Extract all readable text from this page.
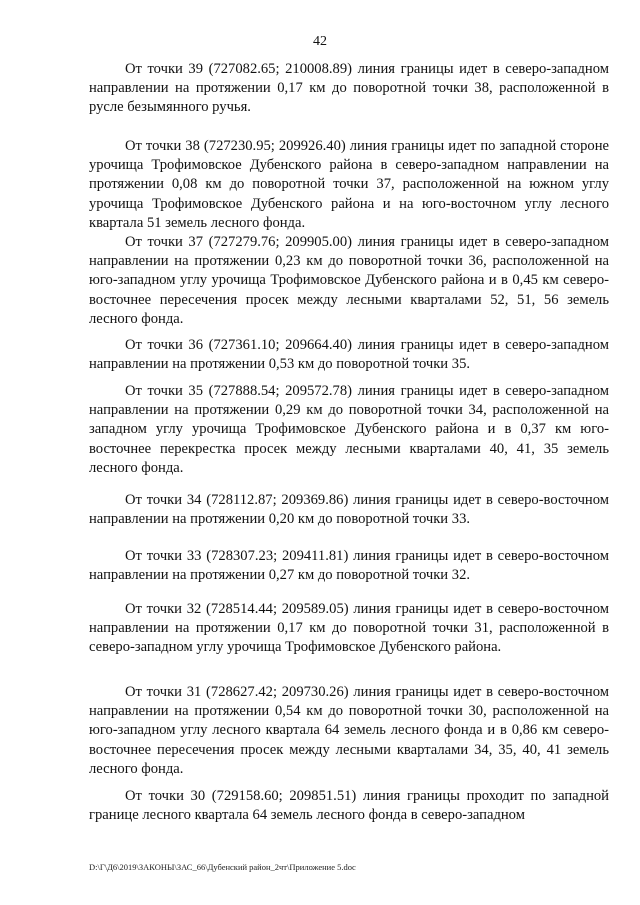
42

От точки 39 (727082.65; 210008.89) линия границы идет в северо-западном направлении на протяжении 0,17 км до поворотной точки 38, расположенной в русле безымянного ручья.

От точки 38 (727230.95; 209926.40) линия границы идет по западной стороне урочища Трофимовское Дубенского района в северо-западном направлении на протяжении 0,08 км до поворотной точки 37, расположенной на южном углу урочища Трофимовское Дубенского района и на юго-восточном углу лесного квартала 51 земель лесного фонда.

От точки 37 (727279.76; 209905.00) линия границы идет в северо-западном направлении на протяжении 0,23 км до поворотной точки 36, расположенной на юго-западном углу урочища Трофимовское Дубенского района и в 0,45 км северо-восточнее пересечения просек между лесными кварталами 52, 51, 56 земель лесного фонда.

От точки 36 (727361.10; 209664.40) линия границы идет в северо-западном направлении на протяжении 0,53 км до поворотной точки 35.

От точки 35 (727888.54; 209572.78) линия границы идет в северо-западном направлении на протяжении 0,29 км до поворотной точки 34, расположенной на западном углу урочища Трофимовское Дубенского района и в 0,37 км юго-восточнее перекрестка просек между лесными кварталами 40, 41, 35 земель лесного фонда.

От точки 34 (728112.87; 209369.86) линия границы идет в северо-восточном направлении на протяжении 0,20 км до поворотной точки 33.

От точки 33 (728307.23; 209411.81) линия границы идет в северо-восточном направлении на протяжении 0,27 км до поворотной точки 32.

От точки 32 (728514.44; 209589.05) линия границы идет в северо-восточном направлении на протяжении 0,17 км до поворотной точки 31, расположенной в северо-западном углу урочища Трофимовское Дубенского района.

От точки 31 (728627.42; 209730.26) линия границы идет в северо-восточном направлении на протяжении 0,54 км до поворотной точки 30, расположенной на юго-западном углу лесного квартала 64 земель лесного фонда и в 0,86 км северо-восточнее пересечения просек между лесными кварталами 34, 35, 40, 41 земель лесного фонда.

От точки 30 (729158.60; 209851.51) линия границы проходит по западной границе лесного квартала 64 земель лесного фонда в северо-западном

D:\Г\Д6\2019\ЗАКОНЫ\ЗАС_66\Дубенский район_2чт\Приложение 5.doc
